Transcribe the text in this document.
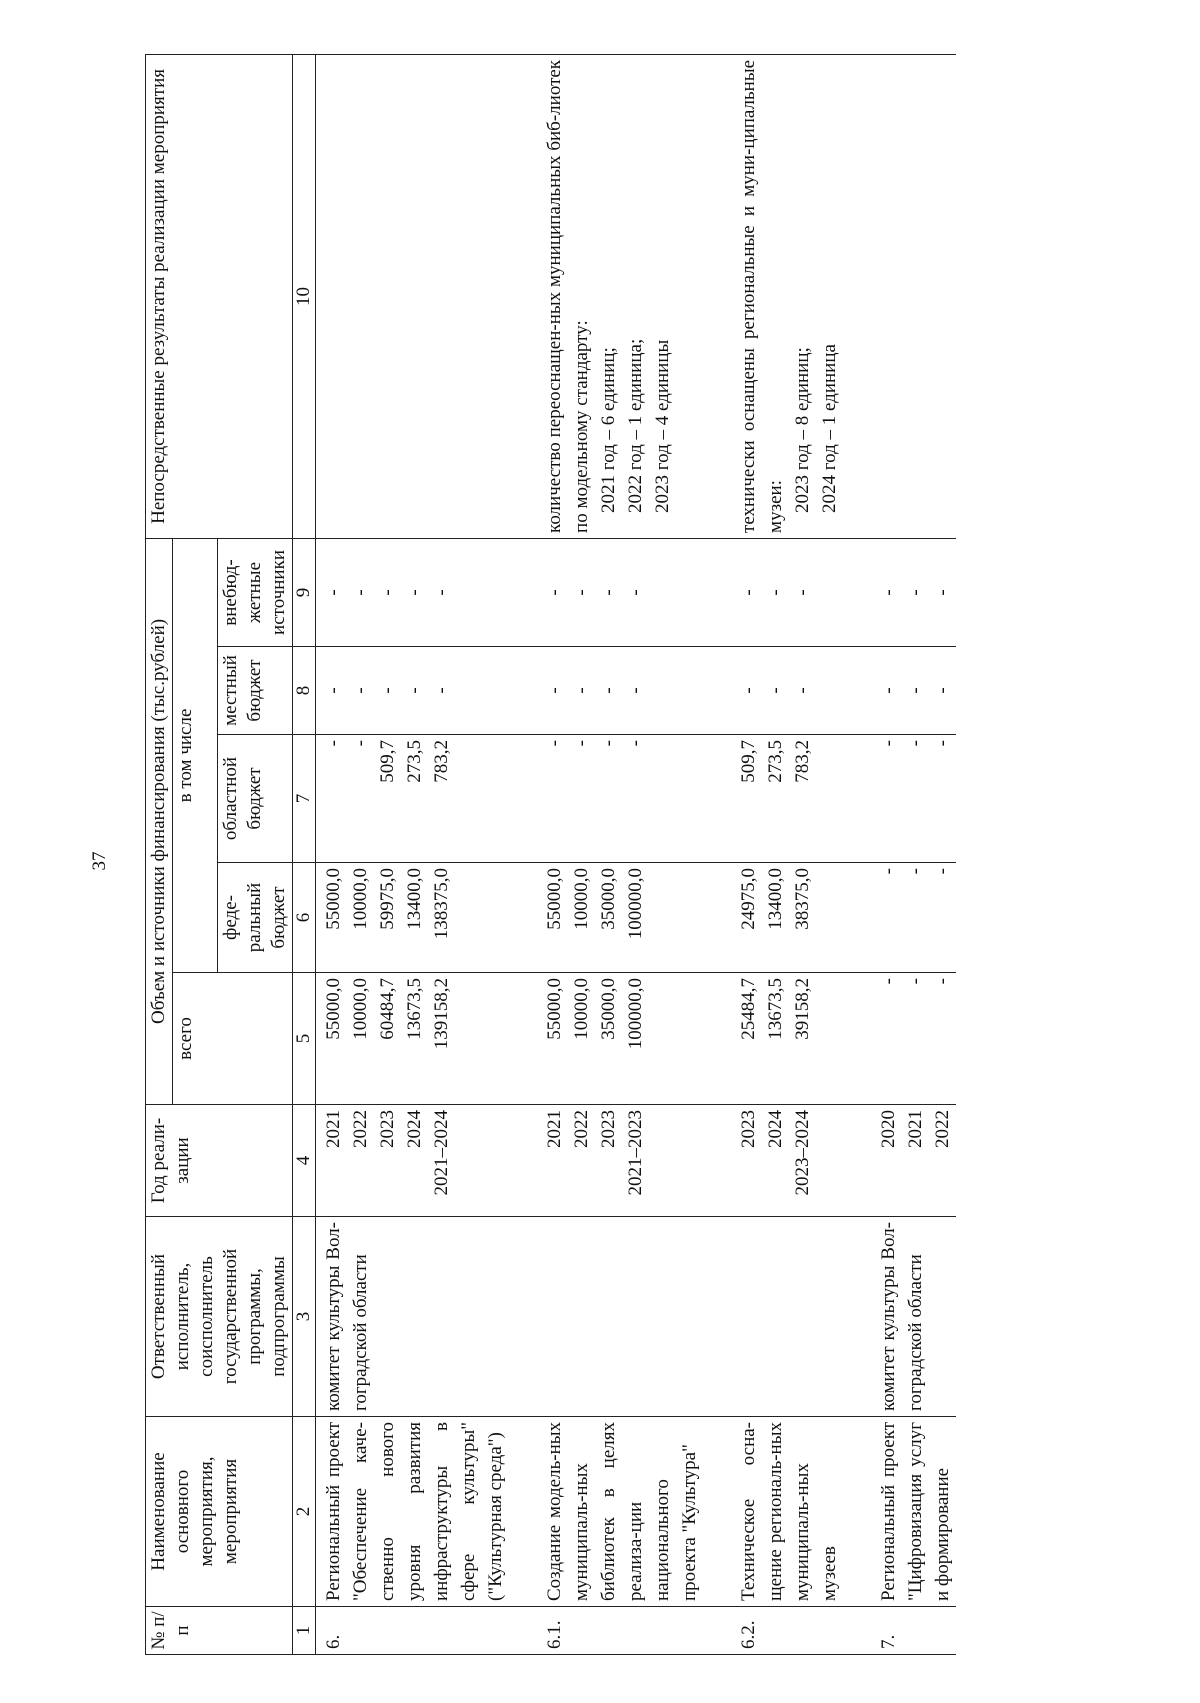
37
№ п/п	Наименование основного мероприятия, мероприятия	Ответственный исполнитель, соисполнитель государственной программы, подпрограммы	Год реали-зации	Объем и источники финансирования (тыс.рублей)					Непосредственные результаты реализации мероприятия
				всего	в том числе				
					феде-ральный бюджет	областной бюджет	местный бюджет	внебюд-жетные источники	
1	2	3	4	5	6	7	8	9	10
6.	Региональный проект "Обеспечение каче-ственно нового уровня развития инфраструктуры в сфере культуры" ("Культурная среда")	комитет культуры Вол-гоградской области	2021 2022 2023 2024 2021–2024	55000,0 10000,0 60484,7 13673,5 139158,2	55000,0 10000,0 59975,0 13400,0 138375,0	- - 509,7 273,5 783,2	- - - - -	- - - - -	

6.1.	Создание модель-ных муниципаль-ных библиотек в целях реализа-ции национального проекта "Культура"		2021 2022 2023 2021–2023	55000,0 10000,0 35000,0 100000,0	55000,0 10000,0 35000,0 100000,0	- - - -	- - - -	- - - -	количество переоснащен-ных муниципальных биб-лиотек по модельному стандарту: 2021 год – 6 единиц; 2022 год – 1 единица; 2023 год – 4 единицы

6.2.	Техническое осна-щение региональ-ных муниципаль-ных музеев		2023 2024 2023–2024	25484,7 13673,5 39158,2	24975,0 13400,0 38375,0	509,7 273,5 783,2	- - -	- - -	технически оснащены региональные и муни-ципальные музеи: 2023 год – 8 единиц; 2024 год – 1 единица

7.	Региональный проект "Цифровизация услуг и формирование	комитет культуры Вол-гоградской области	2020 2021 2022	- - -	- - -	- - -	- - -	- - -	
